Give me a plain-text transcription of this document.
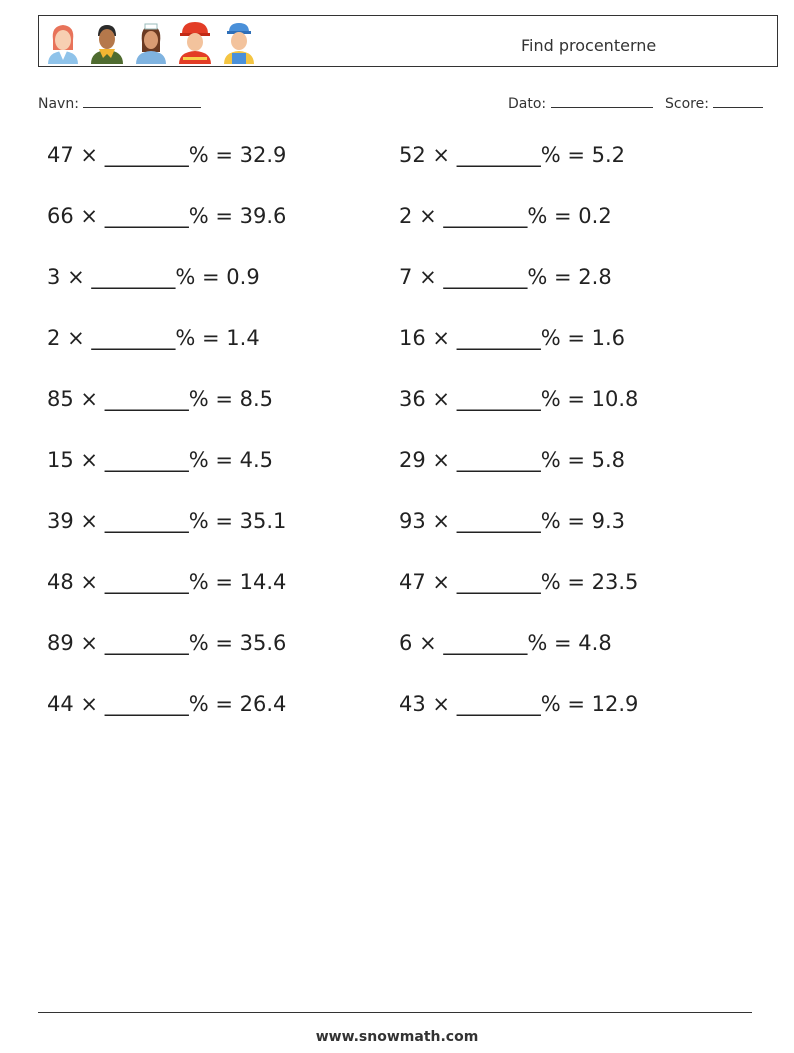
Find procenterne
Navn:	Dato:	Score:
47 × ________% = 32.9	52 × ________% = 5.2
66 × ________% = 39.6	2 × ________% = 0.2
3 × ________% = 0.9	7 × ________% = 2.8
2 × ________% = 1.4	16 × ________% = 1.6
85 × ________% = 8.5	36 × ________% = 10.8
15 × ________% = 4.5	29 × ________% = 5.8
39 × ________% = 35.1	93 × ________% = 9.3
48 × ________% = 14.4	47 × ________% = 23.5
89 × ________% = 35.6	6 × ________% = 4.8
44 × ________% = 26.4	43 × ________% = 12.9
www.snowmath.com
